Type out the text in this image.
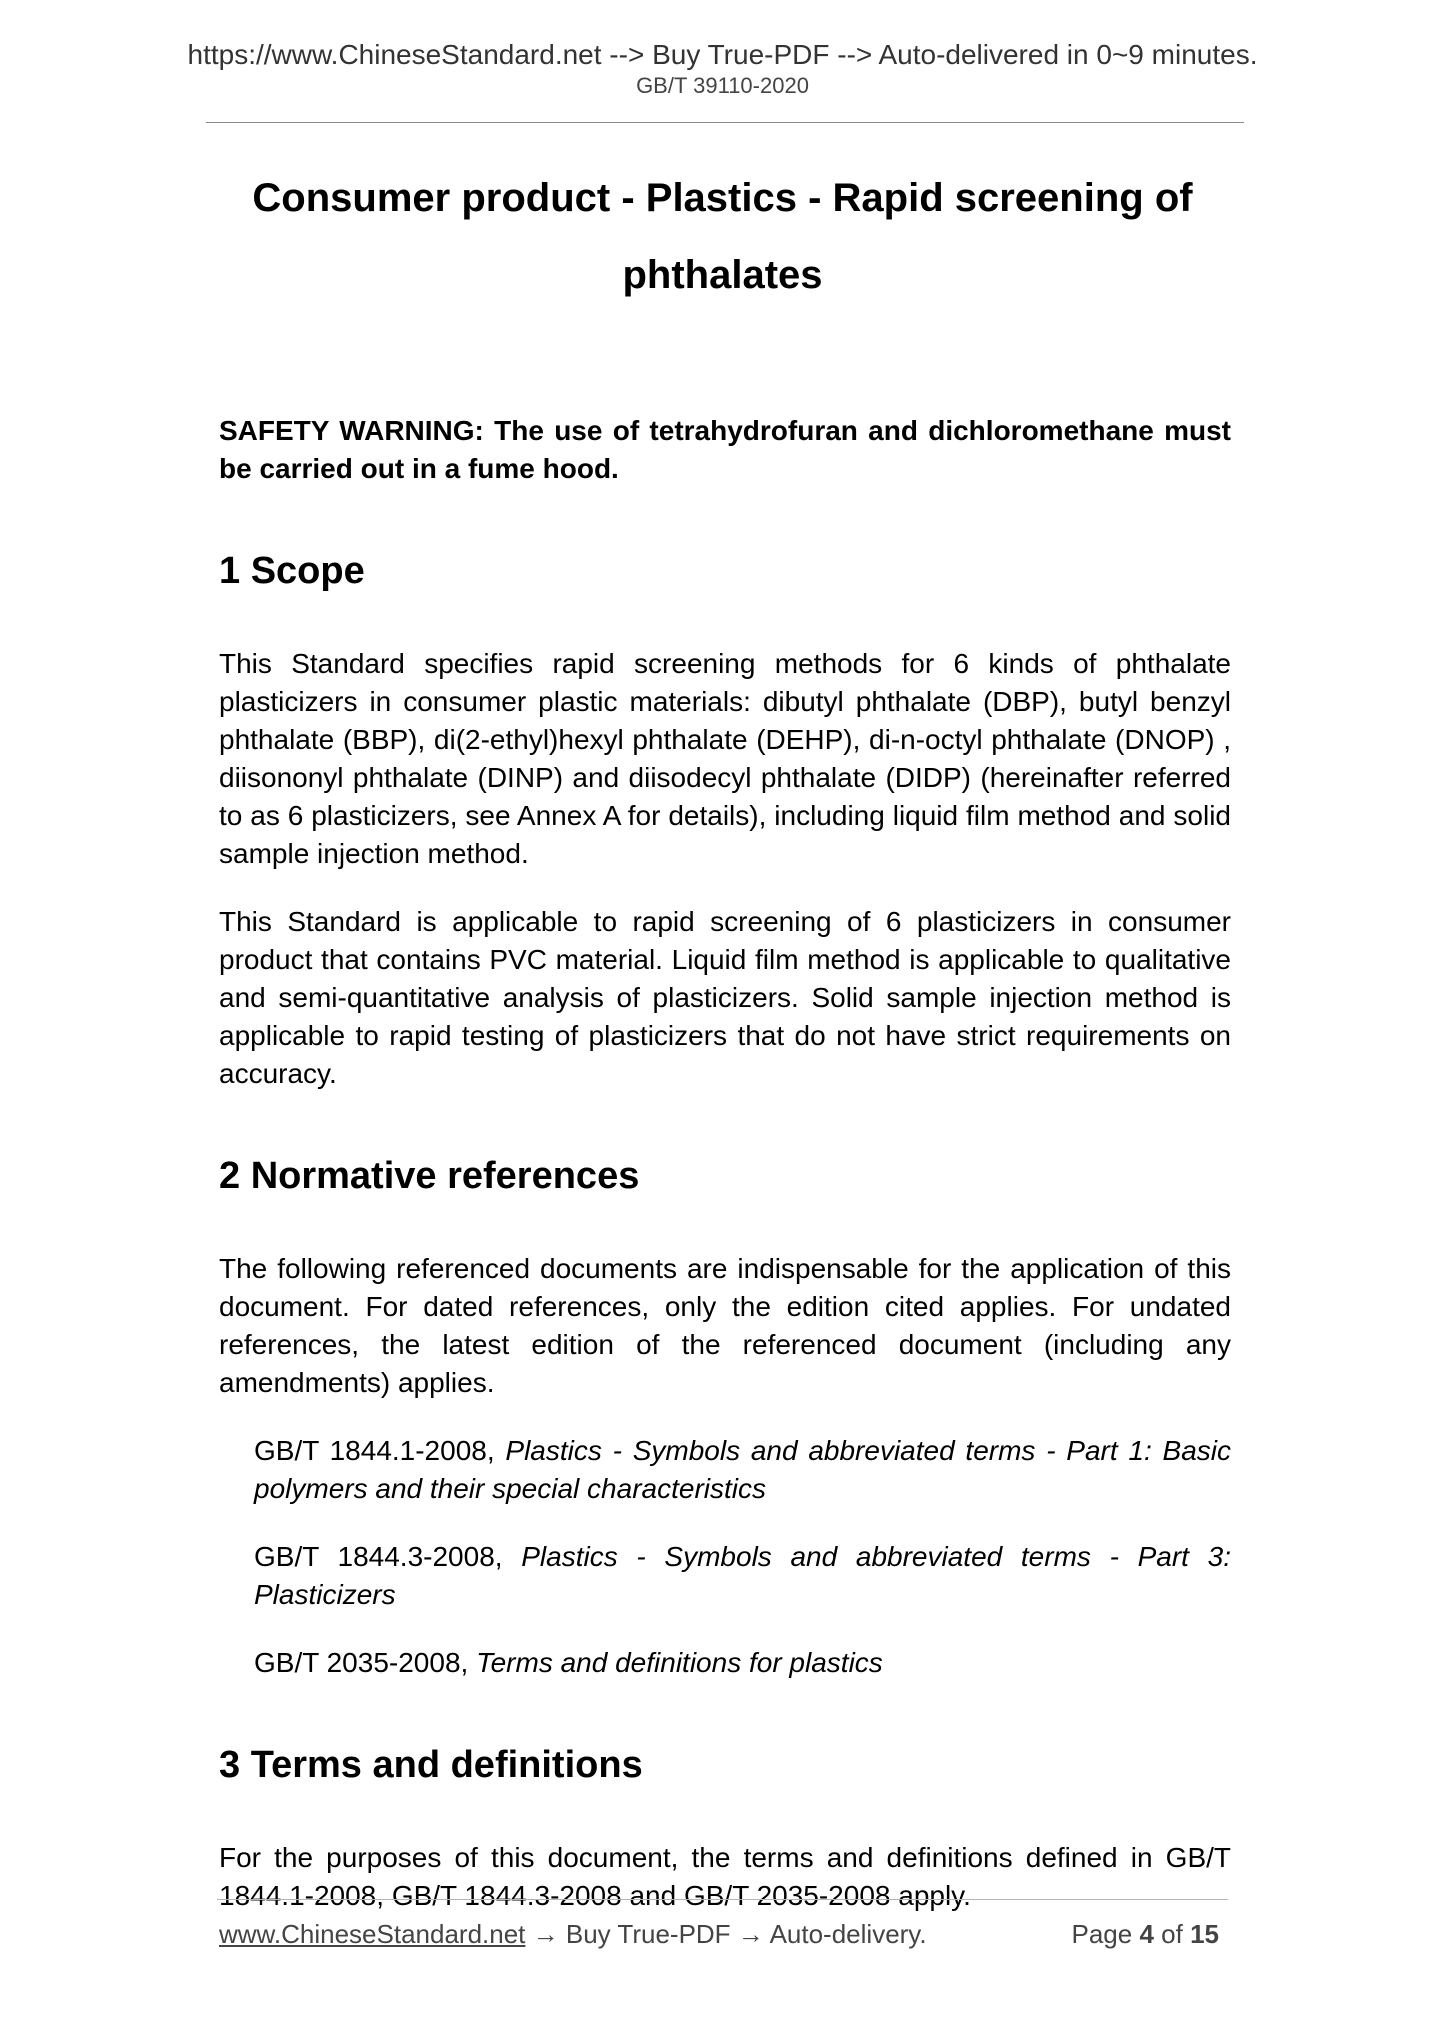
https://www.ChineseStandard.net --> Buy True-PDF --> Auto-delivered in 0~9 minutes.
GB/T 39110-2020
Consumer product - Plastics - Rapid screening of
phthalates

SAFETY WARNING: The use of tetrahydrofuran and dichloromethane must be carried out in a fume hood.

1 Scope

This Standard specifies rapid screening methods for 6 kinds of phthalate plasticizers in consumer plastic materials: dibutyl phthalate (DBP), butyl benzyl phthalate (BBP), di(2-ethyl)hexyl phthalate (DEHP), di-n-octyl phthalate (DNOP) , diisononyl phthalate (DINP) and diisodecyl phthalate (DIDP) (hereinafter referred to as 6 plasticizers, see Annex A for details), including liquid film method and solid sample injection method.

This Standard is applicable to rapid screening of 6 plasticizers in consumer product that contains PVC material. Liquid film method is applicable to qualitative and semi-quantitative analysis of plasticizers. Solid sample injection method is applicable to rapid testing of plasticizers that do not have strict requirements on accuracy.

2 Normative references

The following referenced documents are indispensable for the application of this document. For dated references, only the edition cited applies. For undated references, the latest edition of the referenced document (including any amendments) applies.

GB/T 1844.1-2008, Plastics - Symbols and abbreviated terms - Part 1: Basic polymers and their special characteristics

GB/T 1844.3-2008, Plastics - Symbols and abbreviated terms - Part 3: Plasticizers

GB/T 2035-2008, Terms and definitions for plastics

3 Terms and definitions

For the purposes of this document, the terms and definitions defined in GB/T 1844.1-2008, GB/T 1844.3-2008 and GB/T 2035-2008 apply.

www.ChineseStandard.net → Buy True-PDF → Auto-delivery.	Page 4 of 15
